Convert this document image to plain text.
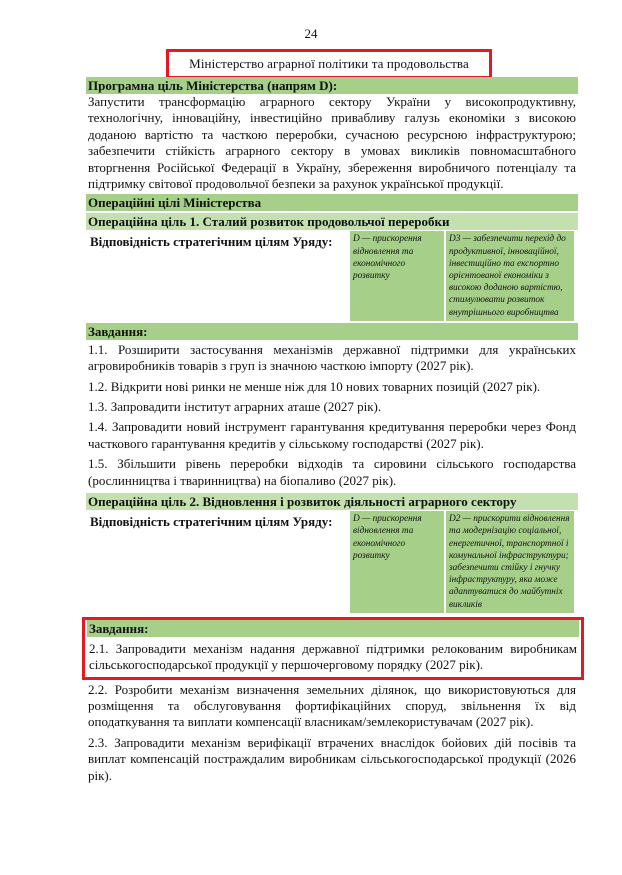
24
Міністерство аграрної політики та продовольства
Програмна ціль Міністерства (напрям D):
Запустити трансформацію аграрного сектору України у високопродуктивну, технологічну, інноваційну, інвестиційно привабливу галузь економіки з високою доданою вартістю та часткою переробки, сучасною ресурсною інфраструктурою; забезпечити стійкість аграрного сектору в умовах викликів повномасштабного вторгнення Російської Федерації в Україну, збереження виробничого потенціалу та підтримку світової продовольчої безпеки за рахунок української продукції.
Операційні цілі Міністерства
Операційна ціль 1. Сталий розвиток продовольчої переробки
Відповідність стратегічним цілям Уряду:	D — прискорення відновлення та економічного розвитку
D3 — забезпечити перехід до продуктивної, інноваційної, інвестиційно та експортно орієнтованої економіки з високою доданою вартістю, стимулювати розвиток внутрішнього виробництва
Завдання:
1.1. Розширити застосування механізмів державної підтримки для українських агровиробників товарів з груп із значною часткою імпорту (2027 рік).
1.2. Відкрити нові ринки не менше ніж для 10 нових товарних позицій (2027 рік).
1.3. Запровадити інститут аграрних аташе (2027 рік).
1.4. Запровадити новий інструмент гарантування кредитування переробки через Фонд часткового гарантування кредитів у сільському господарстві (2027 рік).
1.5. Збільшити рівень переробки відходів та сировини сільського господарства (рослинництва і тваринництва) на біопаливо (2027 рік).
Операційна ціль 2. Відновлення і розвиток діяльності аграрного сектору
Відповідність стратегічним цілям Уряду:	D — прискорення відновлення та економічного розвитку
D2 — прискорити відновлення та модернізацію соціальної, енергетичної, транспортної і комунальної інфраструктури; забезпечити стійку і гнучку інфраструктуру, яка може адаптуватися до майбутніх викликів
Завдання:
2.1. Запровадити механізм надання державної підтримки релокованим виробникам сільськогосподарської продукції у першочерговому порядку (2027 рік).
2.2. Розробити механізм визначення земельних ділянок, що використовуються для розміщення та обслуговування фортифікаційних споруд, звільнення їх від оподаткування та виплати компенсації власникам/землекористувачам (2027 рік).
2.3. Запровадити механізм верифікації втрачених внаслідок бойових дій посівів та виплат компенсацій постраждалим виробникам сільськогосподарської продукції (2026 рік).
